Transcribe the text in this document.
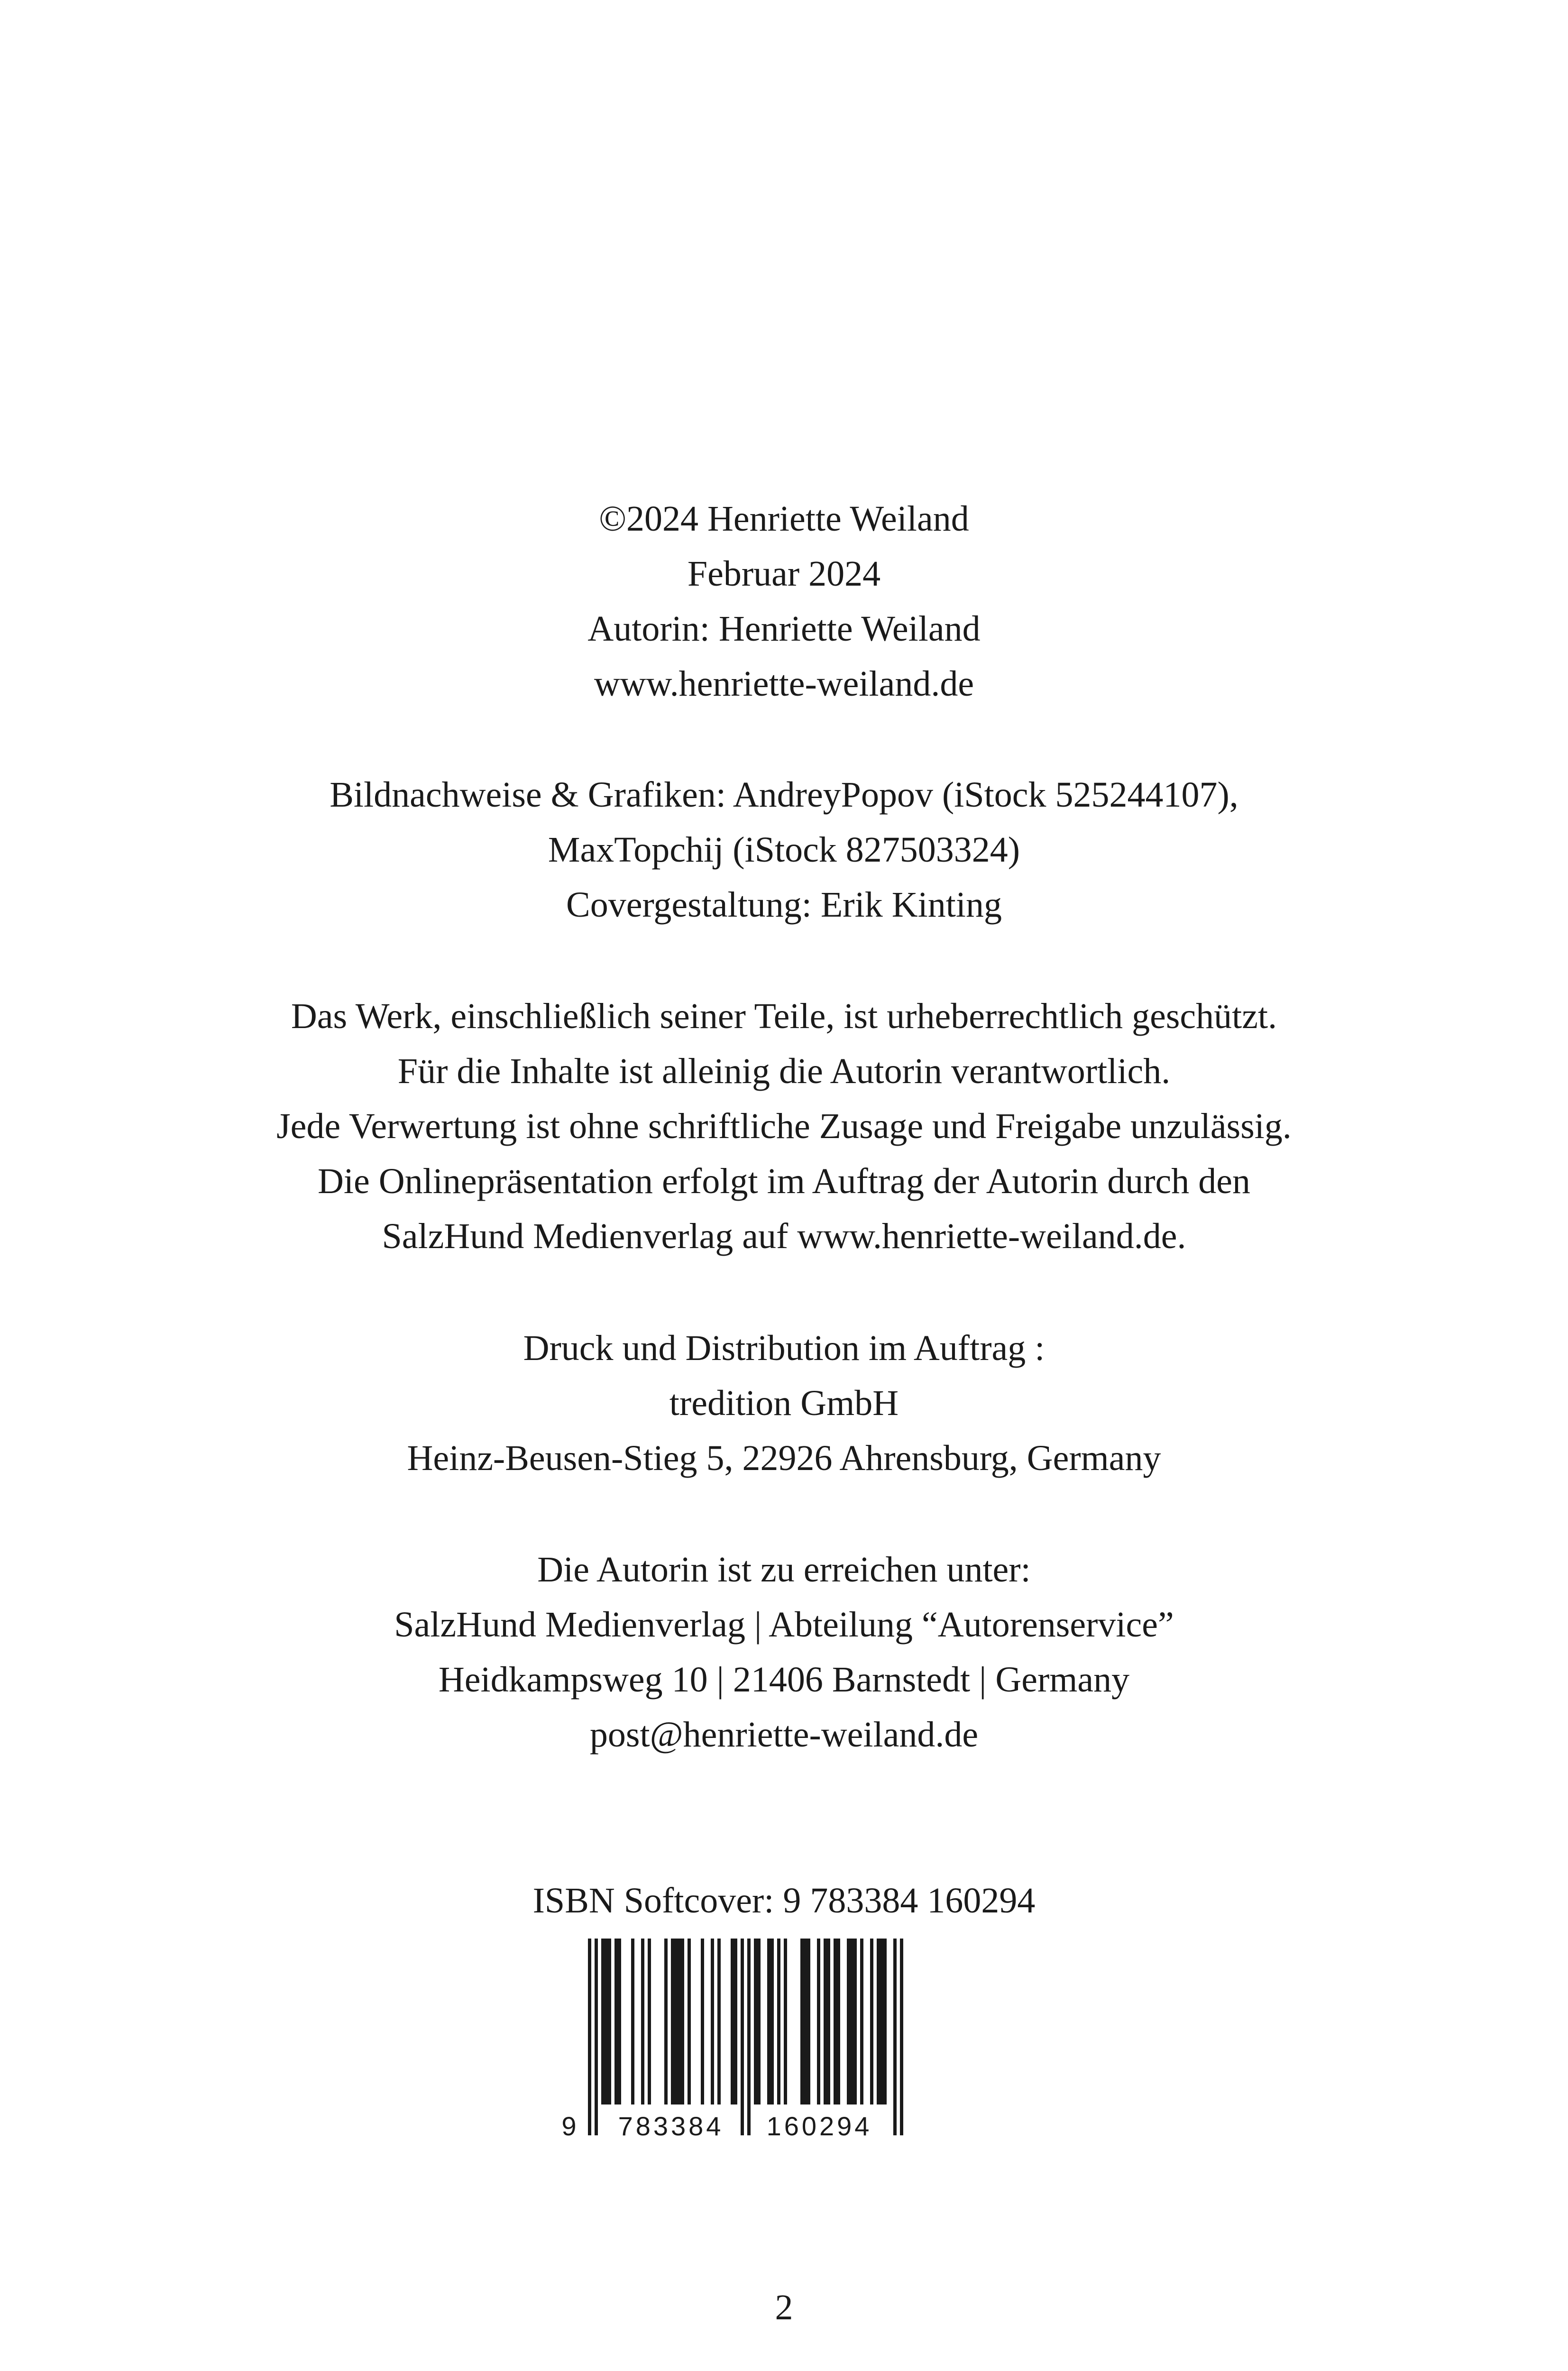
©2024 Henriette Weiland
Februar 2024
Autorin: Henriette Weiland
www.henriette-weiland.de
Bildnachweise & Grafiken: AndreyPopov (iStock 525244107),
MaxTopchij (iStock 827503324)
Covergestaltung: Erik Kinting
Das Werk, einschließlich seiner Teile, ist urheberrechtlich geschützt.
Für die Inhalte ist alleinig die Autorin verantwortlich.
Jede Verwertung ist ohne schriftliche Zusage und Freigabe unzulässig.
Die Onlinepräsentation erfolgt im Auftrag der Autorin durch den
SalzHund Medienverlag auf www.henriette-weiland.de.
Druck und Distribution im Auftrag :
tredition GmbH
Heinz-Beusen-Stieg 5, 22926 Ahrensburg, Germany
Die Autorin ist zu erreichen unter:
SalzHund Medienverlag | Abteilung “Autorenservice”
Heidkampsweg 10 | 21406 Barnstedt | Germany
post@henriette-weiland.de
ISBN Softcover: 9 783384 160294
9 783384 160294
2
